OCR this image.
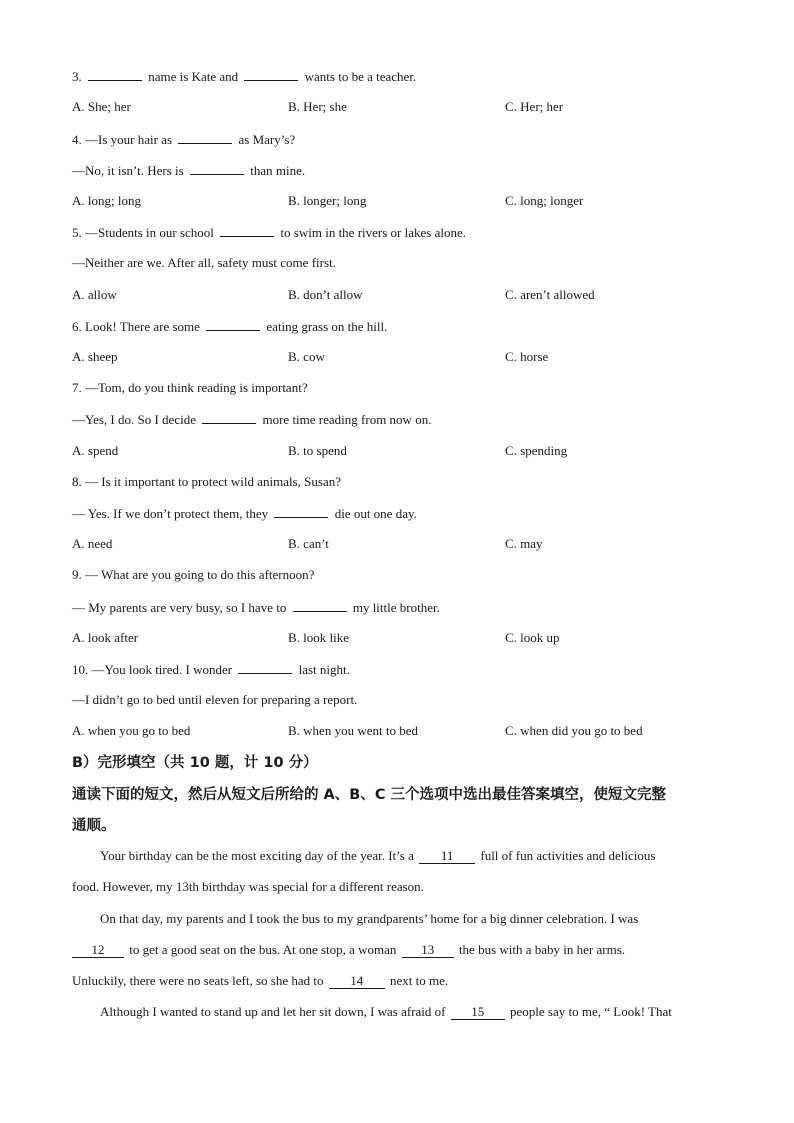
3.	name is Kate and	wants to be a teacher.
A. She; her	B. Her; she	C. Her; her
4. —Is your hair as	as Mary’s?
—No, it isn’t. Hers is	than mine.
A. long; long	B. longer; long	C. long; longer
5. —Students in our school	to swim in the rivers or lakes alone.
—Neither are we. After all, safety must come first.
A. allow	B. don’t allow	C. aren’t allowed
6. Look! There are some	eating grass on the hill.
A. sheep	B. cow	C. horse
7. —Tom, do you think reading is important?
—Yes, I do. So I decide	more time reading from now on.
A. spend	B. to spend	C. spending
8. — Is it important to protect wild animals, Susan?
— Yes. If we don’t protect them, they	die out one day.
A. need	B. can’t	C. may
9. — What are you going to do this afternoon?
— My parents are very busy, so I have to	my little brother.
A. look after	B. look like	C. look up
10. —You look tired. I wonder	last night.
—I didn’t go to bed until eleven for preparing a report.
A. when you go to bed	B. when you went to bed	C. when did you go to bed
B）完形填空（共 10 题，计 10 分）
通读下面的短文，然后从短文后所给的 A、B、C 三个选项中选出最佳答案填空，使短文完整
通顺。
Your birthday can be the most exciting day of the year. It’s a 11 full of fun activities and delicious
food. However, my 13th birthday was special for a different reason.
On that day, my parents and I took the bus to my grandparents’ home for a big dinner celebration. I was
12 to get a good seat on the bus. At one stop, a woman 13 the bus with a baby in her arms.
Unluckily, there were no seats left, so she had to 14 next to me.
Although I wanted to stand up and let her sit down, I was afraid of 15 people say to me, “ Look! That
